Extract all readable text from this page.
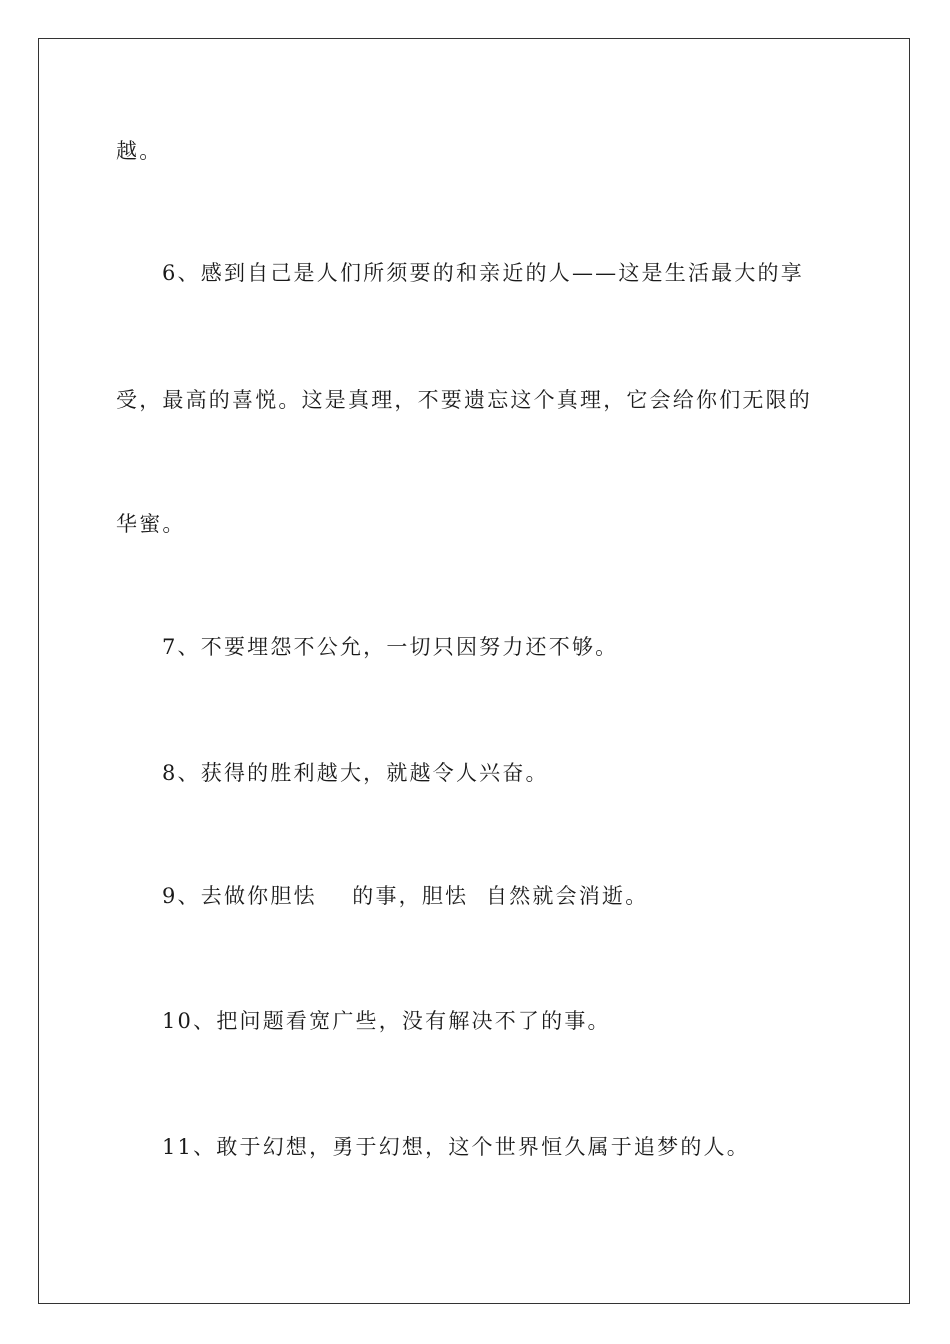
越。
6、感到自己是人们所须要的和亲近的人——这是生活最大的享
受，最高的喜悦。这是真理，不要遗忘这个真理，它会给你们无限的
华蜜。
7、不要埋怨不公允，一切只因努力还不够。
8、获得的胜利越大，就越令人兴奋。
9、去做你胆怯    的事，胆怯  自然就会消逝。
10、把问题看宽广些，没有解决不了的事。
11、敢于幻想，勇于幻想，这个世界恒久属于追梦的人。
